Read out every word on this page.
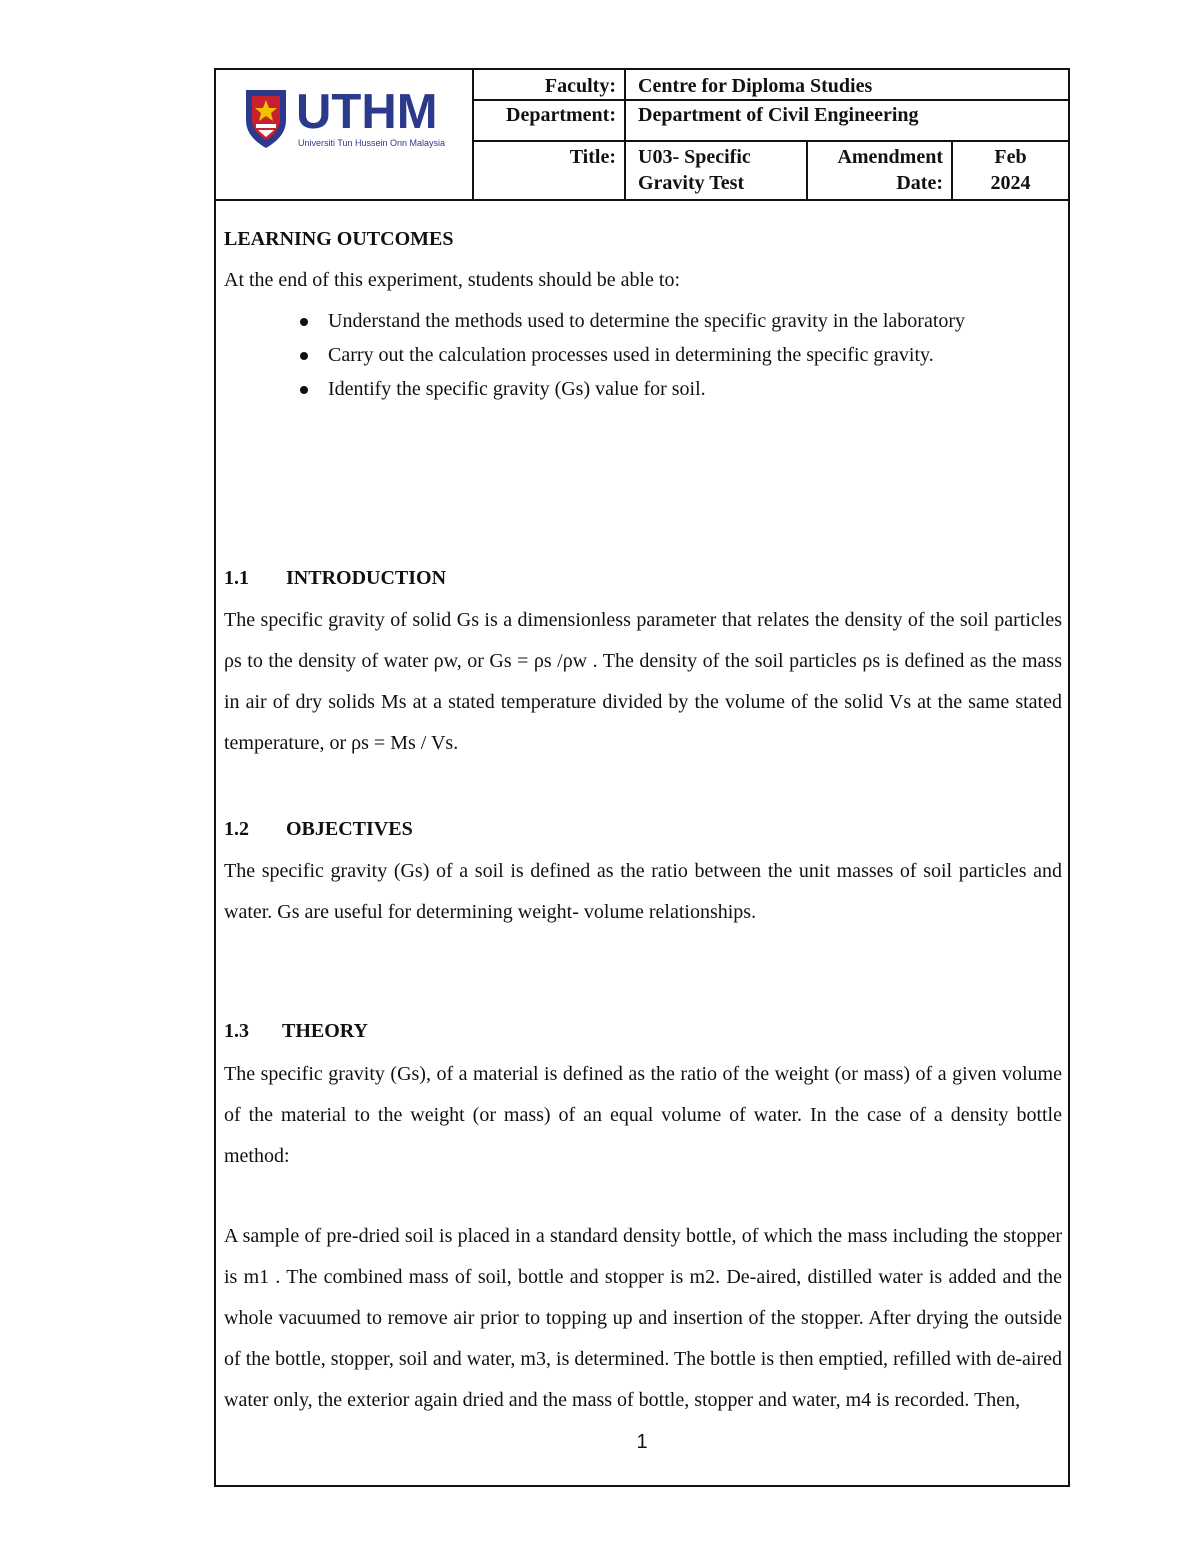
UTHM
Universiti Tun Hussein Onn Malaysia
Faculty: Centre for Diploma Studies
Department: Department of Civil Engineering
Title: U03- Specific
Gravity Test
Amendment
Date:
Feb
2024
LEARNING OUTCOMES
At the end of this experiment, students should be able to:
Understand the methods used to determine the specific gravity in the laboratory
Carry out the calculation processes used in determining the specific gravity.
Identify the specific gravity (Gs) value for soil.
1.1 INTRODUCTION
The specific gravity of solid Gs is a dimensionless parameter that relates the density of the soil particles ρs to the density of water ρw, or Gs = ρs /ρw . The density of the soil particles ρs is defined as the mass in air of dry solids Ms at a stated temperature divided by the volume of the solid Vs at the same stated temperature, or ρs = Ms / Vs.
1.2 OBJECTIVES
The specific gravity (Gs) of a soil is defined as the ratio between the unit masses of soil particles and water. Gs are useful for determining weight- volume relationships.
1.3 THEORY
The specific gravity (Gs), of a material is defined as the ratio of the weight (or mass) of a given volume of the material to the weight (or mass) of an equal volume of water. In the case of a density bottle method:
A sample of pre-dried soil is placed in a standard density bottle, of which the mass including the stopper is m1 . The combined mass of soil, bottle and stopper is m2. De-aired, distilled water is added and the whole vacuumed to remove air prior to topping up and insertion of the stopper. After drying the outside of the bottle, stopper, soil and water, m3, is determined. The bottle is then emptied, refilled with de-aired water only, the exterior again dried and the mass of bottle, stopper and water, m4 is recorded. Then,
1
